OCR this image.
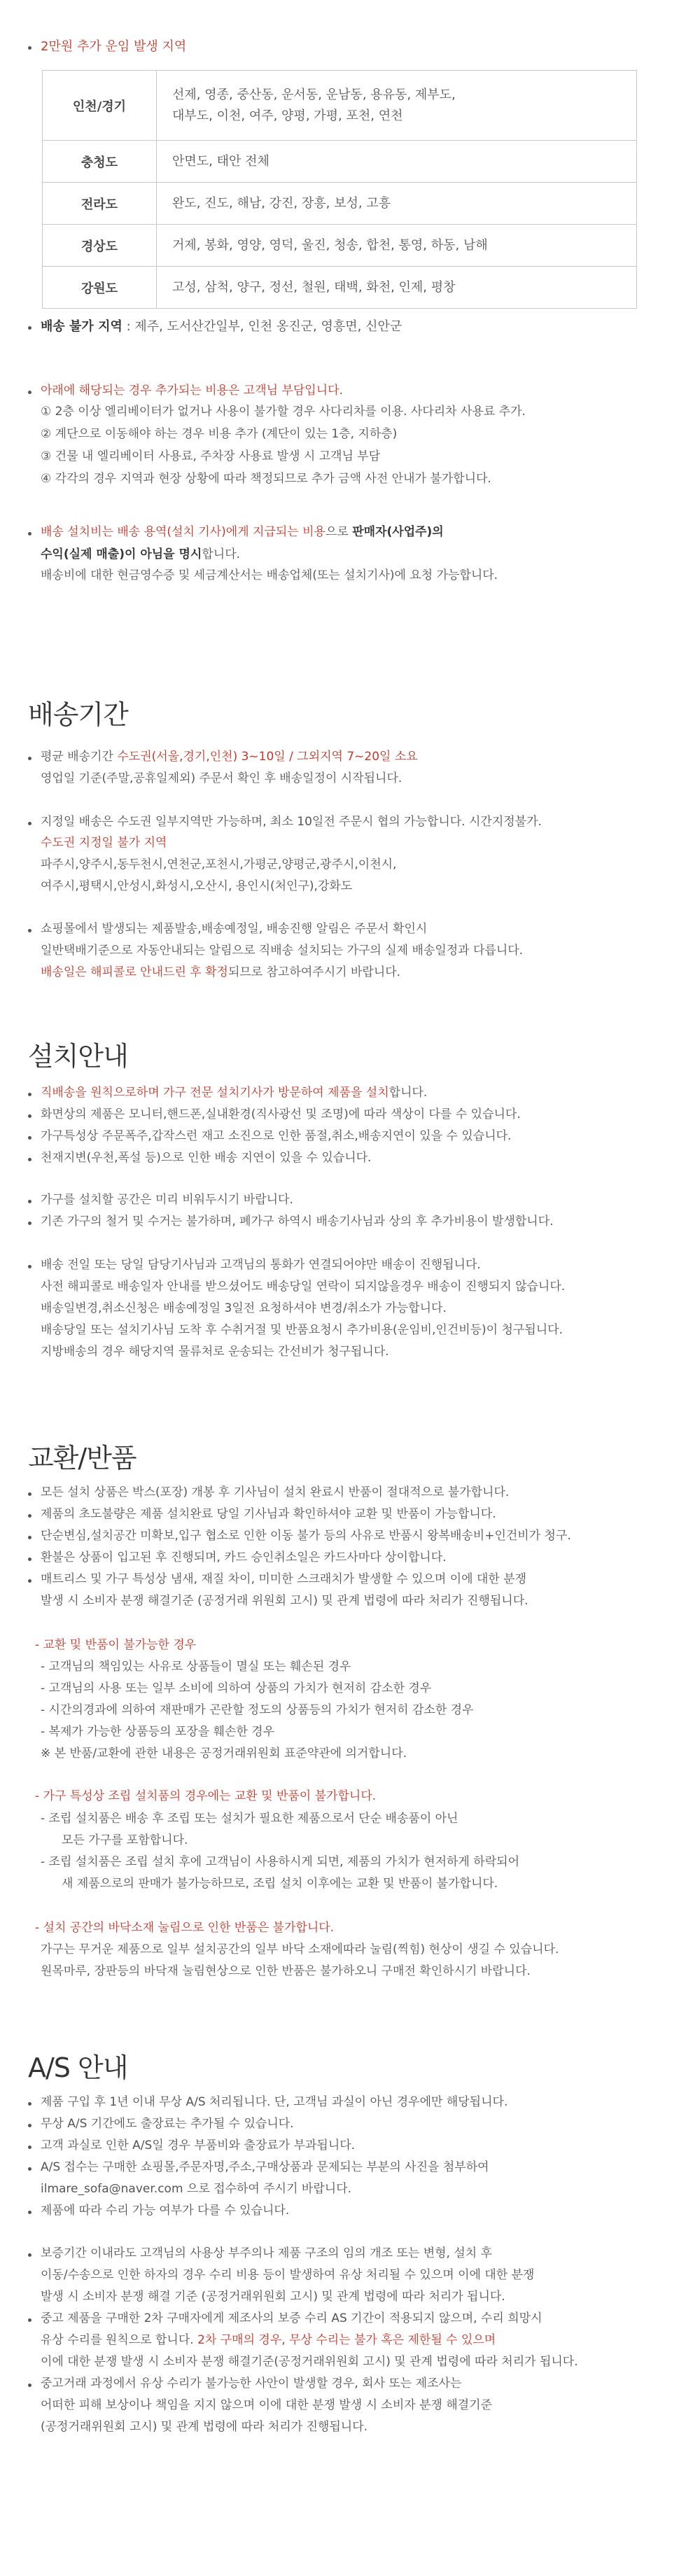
2만원 추가 운임 발생 지역
인천/경기	선제, 영종, 중산동, 운서동, 운남동, 용유동, 제부도,
대부도, 이천, 여주, 양평, 가평, 포천, 연천

충청도	안면도, 태안 전체

전라도	완도, 진도, 해남, 강진, 장흥, 보성, 고흥

경상도	거제, 봉화, 영양, 영덕, 울진, 청송, 합천, 통영, 하동, 남해

강원도	고성, 삼척, 양구, 정선, 철원, 태백, 화천, 인제, 평창
배송 불가 지역 : 제주, 도서산간일부, 인천 옹진군, 영흥면, 신안군
아래에 해당되는 경우 추가되는 비용은 고객님 부담입니다.
① 2층 이상 엘리베이터가 없거나 사용이 불가할 경우 사다리차를 이용. 사다리차 사용료 추가.
② 계단으로 이동해야 하는 경우 비용 추가 (계단이 있는 1층, 지하층)
③ 건물 내 엘리베이터 사용료, 주차장 사용료 발생 시 고객님 부담
④ 각각의 경우 지역과 현장 상황에 따라 책정되므로 추가 금액 사전 안내가 불가합니다.
배송 설치비는 배송 용역(설치 기사)에게 지급되는 비용으로 판매자(사업주)의
수익(실제 매출)이 아님을 명시합니다.
배송비에 대한 현금영수증 및 세금계산서는 배송업체(또는 설치기사)에 요청 가능합니다.
배송기간
평균 배송기간 수도권(서울,경기,인천) 3~10일 / 그외지역 7~20일 소요
영업일 기준(주말,공휴일제외) 주문서 확인 후 배송일정이 시작됩니다.
지정일 배송은 수도권 일부지역만 가능하며, 최소 10일전 주문시 협의 가능합니다. 시간지정불가.
수도권 지정일 불가 지역
파주시,양주시,동두천시,연천군,포천시,가평군,양평군,광주시,이천시,
여주시,평택시,안성시,화성시,오산시, 용인시(처인구),강화도
쇼핑몰에서 발생되는 제품발송,배송예정일, 배송진행 알림은 주문서 확인시
일반택배기준으로 자동안내되는 알림으로 직배송 설치되는 가구의 실제 배송일정과 다릅니다.
배송일은 해피콜로 안내드린 후 확정되므로 참고하여주시기 바랍니다.
설치안내
직배송을 원칙으로하며 가구 전문 설치기사가 방문하여 제품을 설치합니다.
화면상의 제품은 모니터,핸드폰,실내환경(직사광선 및 조명)에 따라 색상이 다를 수 있습니다.
가구특성상 주문폭주,갑작스런 재고 소진으로 인한 품절,취소,배송지연이 있을 수 있습니다.
천재지변(우천,폭설 등)으로 인한 배송 지연이 있을 수 있습니다.
가구를 설치할 공간은 미리 비워두시기 바랍니다.
기존 가구의 철거 및 수거는 불가하며, 폐가구 하역시 배송기사님과 상의 후 추가비용이 발생합니다.
배송 전일 또는 당일 담당기사님과 고객님의 통화가 연결되어야만 배송이 진행됩니다.
사전 해피콜로 배송일자 안내를 받으셨어도 배송당일 연락이 되지않을경우 배송이 진행되지 않습니다.
배송일변경,취소신청은 배송예정일 3일전 요청하셔야 변경/취소가 가능합니다.
배송당일 또는 설치기사님 도착 후 수취거절 및 반품요청시 추가비용(운임비,인건비등)이 청구됩니다.
지방배송의 경우 해당지역 물류처로 운송되는 간선비가 청구됩니다.
교환/반품
모든 설치 상품은 박스(포장) 개봉 후 기사님이 설치 완료시 반품이 절대적으로 불가합니다.
제품의 초도불량은 제품 설치완료 당일 기사님과 확인하셔야 교환 및 반품이 가능합니다.
단순변심,설치공간 미확보,입구 협소로 인한 이동 불가 등의 사유로 반품시 왕복배송비+인건비가 청구.
환불은 상품이 입고된 후 진행되며, 카드 승인취소일은 카드사마다 상이합니다.
매트리스 및 가구 특성상 냄새, 재질 차이, 미미한 스크래치가 발생할 수 있으며 이에 대한 분쟁
발생 시 소비자 분쟁 해결기준 (공정거래 위원회 고시) 및 관계 법령에 따라 처리가 진행됩니다.
- 교환 및 반품이 불가능한 경우
- 고객님의 책임있는 사유로 상품들이 멸실 또는 훼손된 경우
- 고객님의 사용 또는 일부 소비에 의하여 상품의 가치가 현저히 감소한 경우
- 시간의경과에 의하여 재판매가 곤란할 정도의 상품등의 가치가 현저히 감소한 경우
- 복제가 가능한 상품등의 포장을 훼손한 경우
※ 본 반품/교환에 관한 내용은 공정거래위원회 표준약관에 의거합니다.
- 가구 특성상 조립 설치품의 경우에는 교환 및 반품이 불가합니다.
- 조립 설치품은 배송 후 조립 또는 설치가 필요한 제품으로서 단순 배송품이 아닌
모든 가구를 포함합니다.
- 조립 설치품은 조립 설치 후에 고객님이 사용하시게 되면, 제품의 가치가 현저하게 하락되어
새 제품으로의 판매가 불가능하므로, 조립 설치 이후에는 교환 및 반품이 불가합니다.
- 설치 공간의 바닥소재 눌림으로 인한 반품은 불가합니다.
가구는 무거운 제품으로 일부 설치공간의 일부 바닥 소재에따라 눌림(찍힘) 현상이 생길 수 있습니다.
원목마루, 장판등의 바닥재 눌림현상으로 인한 반품은 불가하오니 구매전 확인하시기 바랍니다.
A/S 안내
제품 구입 후 1년 이내 무상 A/S 처리됩니다. 단, 고객님 과실이 아닌 경우에만 해당됩니다.
무상 A/S 기간에도 출장료는 추가될 수 있습니다.
고객 과실로 인한 A/S일 경우 부품비와 출장료가 부과됩니다.
A/S 접수는 구매한 쇼핑몰,주문자명,주소,구매상품과 문제되는 부분의 사진을 첨부하여
ilmare_sofa@naver.com 으로 접수하여 주시기 바랍니다.
제품에 따라 수리 가능 여부가 다를 수 있습니다.
보증기간 이내라도 고객님의 사용상 부주의나 제품 구조의 임의 개조 또는 변형, 설치 후
이동/수송으로 인한 하자의 경우 수리 비용 등이 발생하여 유상 처리될 수 있으며 이에 대한 분쟁
발생 시 소비자 분쟁 해결 기준 (공정거래위원회 고시) 및 관계 법령에 따라 처리가 됩니다.
중고 제품을 구매한 2차 구매자에게 제조사의 보증 수리 AS 기간이 적용되지 않으며, 수리 희망시
유상 수리를 원칙으로 합니다. 2차 구매의 경우, 무상 수리는 불가 혹은 제한될 수 있으며
이에 대한 분쟁 발생 시 소비자 분쟁 해결기준(공정거래위원회 고시) 및 관계 법령에 따라 처리가 됩니다.
중고거래 과정에서 유상 수리가 불가능한 사안이 발생할 경우, 회사 또는 제조사는
어떠한 피해 보상이나 책임을 지지 않으며 이에 대한 분쟁 발생 시 소비자 분쟁 해결기준
(공정거래위원회 고시) 및 관계 법령에 따라 처리가 진행됩니다.
